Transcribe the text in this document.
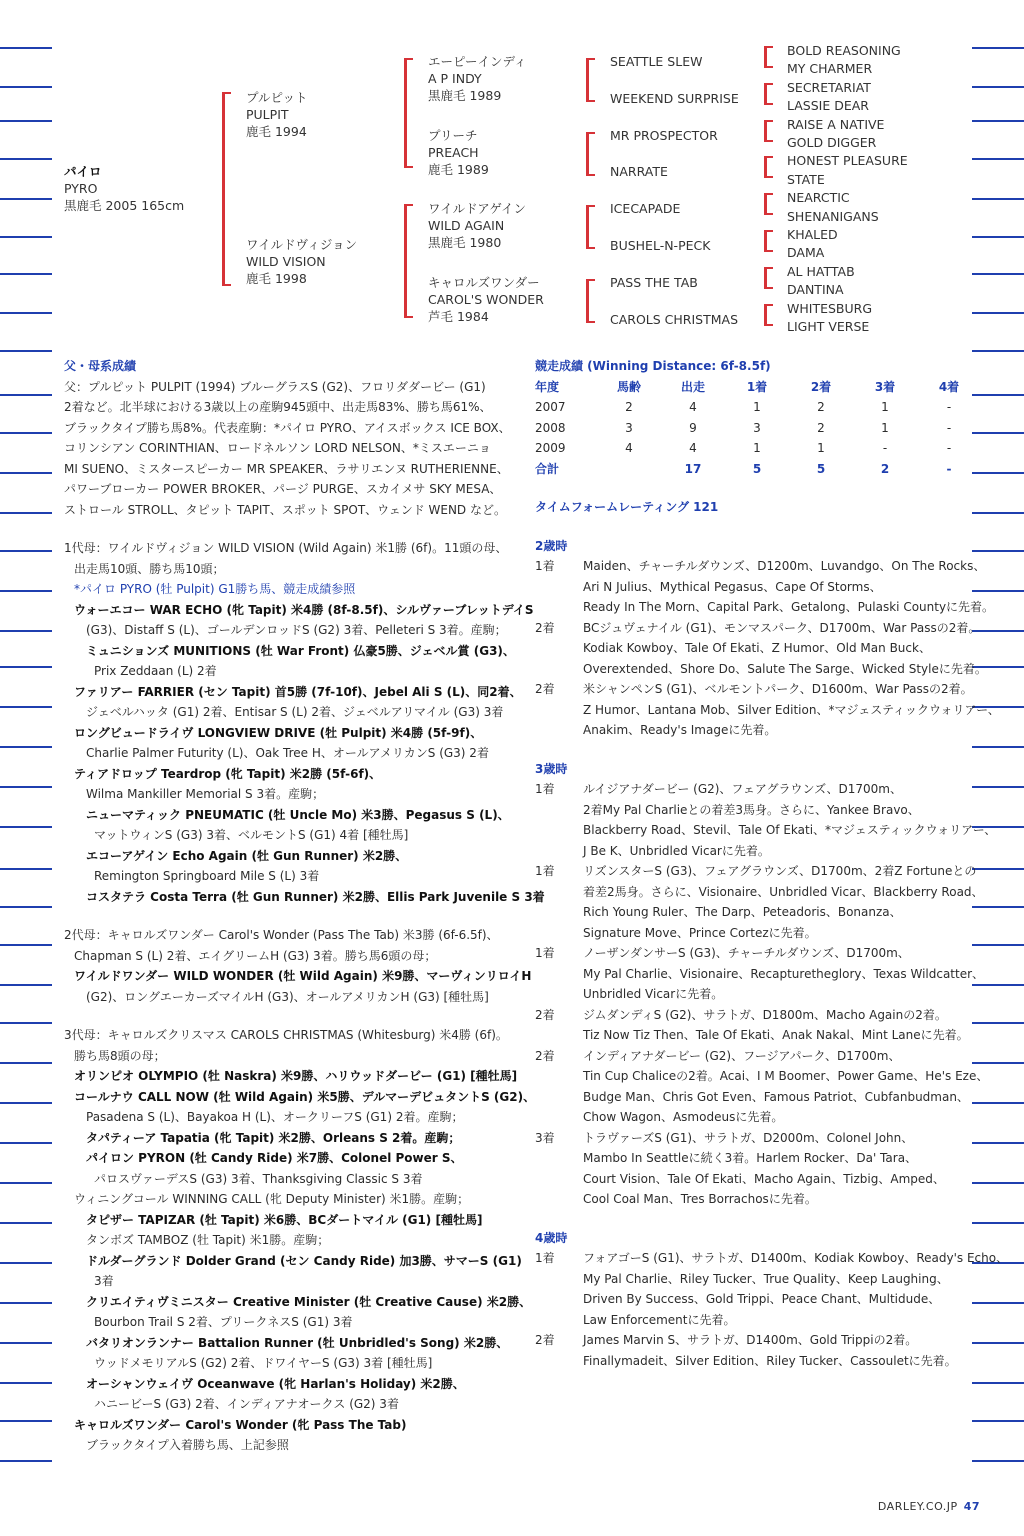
パイロ
PYRO
黒鹿毛 2005 165cm
プルピット
PULPIT
鹿毛 1994
ワイルドヴィジョン
WILD VISION
鹿毛 1998
エーピーインディ
A P INDY
黒鹿毛 1989
プリーチ
PREACH
鹿毛 1989
ワイルドアゲイン
WILD AGAIN
黒鹿毛 1980
キャロルズワンダー
CAROL'S WONDER
芦毛 1984
SEATTLE SLEW
WEEKEND SURPRISE
MR PROSPECTOR
NARRATE
ICECAPADE
BUSHEL-N-PECK
PASS THE TAB
CAROLS CHRISTMAS
BOLD REASONING
MY CHARMER
SECRETARIAT
LASSIE DEAR
RAISE A NATIVE
GOLD DIGGER
HONEST PLEASURE
STATE
NEARCTIC
SHENANIGANS
KHALED
DAMA
AL HATTAB
DANTINA
WHITESBURG
LIGHT VERSE

父・母系成績

父：プルピット PULPIT (1994) ブルーグラスS (G2)、フロリダダービー (G1)

2着など。北半球における3歳以上の産駒945頭中、出走馬83%、勝ち馬61%、

ブラックタイプ勝ち馬8%。代表産駒：*パイロ PYRO、アイスボックス ICE BOX、

コリンシアン CORINTHIAN、ロードネルソン LORD NELSON、*ミスエーニョ

MI SUENO、ミスタースピーカー MR SPEAKER、ラサリエンヌ RUTHERIENNE、

パワーブローカー POWER BROKER、パージ PURGE、スカイメサ SKY MESA、

ストロール STROLL、タピット TAPIT、スポット SPOT、ウェンド WEND など。

1代母：ワイルドヴィジョン WILD VISION (Wild Again) 米1勝 (6f)。11頭の母、

出走馬10頭、勝ち馬10頭；

*パイロ PYRO (牡 Pulpit) G1勝ち馬、競走成績参照

ウォーエコー WAR ECHO (牝 Tapit) 米4勝 (8f-8.5f)、シルヴァーブレットデイS

(G3)、Distaff S (L)、ゴールデンロッドS (G2) 3着、Pelleteri S 3着。産駒；

ミュニションズ MUNITIONS (牡 War Front) 仏豪5勝、ジェベル賞 (G3)、

Prix Zeddaan (L) 2着

ファリアー FARRIER (セン Tapit) 首5勝 (7f-10f)、Jebel Ali S (L)、同2着、

ジェベルハッタ (G1) 2着、Entisar S (L) 2着、ジェベルアリマイル (G3) 3着

ロングビュードライヴ LONGVIEW DRIVE (牡 Pulpit) 米4勝 (5f-9f)、

Charlie Palmer Futurity (L)、Oak Tree H、オールアメリカンS (G3) 2着

ティアドロップ Teardrop (牝 Tapit) 米2勝 (5f-6f)、

Wilma Mankiller Memorial S 3着。産駒；

ニューマティック PNEUMATIC (牡 Uncle Mo) 米3勝、Pegasus S (L)、

マットウィンS (G3) 3着、ベルモントS (G1) 4着 [種牡馬]

エコーアゲイン Echo Again (牡 Gun Runner) 米2勝、

Remington Springboard Mile S (L) 3着

コスタテラ Costa Terra (牡 Gun Runner) 米2勝、Ellis Park Juvenile S 3着

2代母：キャロルズワンダー Carol's Wonder (Pass The Tab) 米3勝 (6f-6.5f)、

Chapman S (L) 2着、エイグリームH (G3) 3着。勝ち馬6頭の母；

ワイルドワンダー WILD WONDER (牡 Wild Again) 米9勝、マーヴィンリロイH

(G2)、ロングエーカーズマイルH (G3)、オールアメリカンH (G3) [種牡馬]

3代母：キャロルズクリスマス CAROLS CHRISTMAS (Whitesburg) 米4勝 (6f)。

勝ち馬8頭の母；

オリンピオ OLYMPIO (牡 Naskra) 米9勝、ハリウッドダービー (G1) [種牡馬]

コールナウ CALL NOW (牡 Wild Again) 米5勝、デルマーデビュタントS (G2)、

Pasadena S (L)、Bayakoa H (L)、オークリーフS (G1) 2着。産駒；

タパティーア Tapatia (牝 Tapit) 米2勝、Orleans S 2着。産駒；

パイロン PYRON (牡 Candy Ride) 米7勝、Colonel Power S、

パロスヴァーデスS (G3) 3着、Thanksgiving Classic S 3着

ウィニングコール WINNING CALL (牝 Deputy Minister) 米1勝。産駒；

タピザー TAPIZAR (牡 Tapit) 米6勝、BCダートマイル (G1) [種牡馬]

タンボズ TAMBOZ (牡 Tapit) 米1勝。産駒；

ドルダーグランド Dolder Grand (セン Candy Ride) 加3勝、サマーS (G1)

3着

クリエイティヴミニスター Creative Minister (牡 Creative Cause) 米2勝、

Bourbon Trail S 2着、プリークネスS (G1) 3着

バタリオンランナー Battalion Runner (牡 Unbridled's Song) 米2勝、

ウッドメモリアルS (G2) 2着、ドワイヤーS (G3) 3着 [種牡馬]

オーシャンウェイヴ Oceanwave (牝 Harlan's Holiday) 米2勝、

ハニービーS (G3) 2着、インディアナオークス (G2) 3着

キャロルズワンダー Carol's Wonder (牝 Pass The Tab)

ブラックタイプ入着勝ち馬、上記参照

競走成績 (Winning Distance: 6f-8.5f)

年度	馬齢	出走	1着	2着	3着	4着
2007	2	4	1	2	1	-
2008	3	9	3	2	1	-
2009	4	4	1	1	-	-
合計		17	5	5	2	-

タイムフォームレーティング 121

2歳時

1着	Maiden、チャーチルダウンズ、D1200m、Luvandgo、On The Rocks、

Ari N Julius、Mythical Pegasus、Cape Of Storms、

Ready In The Morn、Capital Park、Getalong、Pulaski Countyに先着。

2着	BCジュヴェナイル (G1)、モンマスパーク、D1700m、War Passの2着。

Kodiak Kowboy、Tale Of Ekati、Z Humor、Old Man Buck、

Overextended、Shore Do、Salute The Sarge、Wicked Styleに先着。

2着	米シャンペンS (G1)、ベルモントパーク、D1600m、War Passの2着。

Z Humor、Lantana Mob、Silver Edition、*マジェスティックウォリアー、

Anakim、Ready's Imageに先着。

3歳時

1着	ルイジアナダービー (G2)、フェアグラウンズ、D1700m、

2着My Pal Charlieとの着差3馬身。さらに、Yankee Bravo、

Blackberry Road、Stevil、Tale Of Ekati、*マジェスティックウォリアー、

J Be K、Unbridled Vicarに先着。

1着	リズンスターS (G3)、フェアグラウンズ、D1700m、2着Z Fortuneとの

着差2馬身。さらに、Visionaire、Unbridled Vicar、Blackberry Road、

Rich Young Ruler、The Darp、Peteadoris、Bonanza、

Signature Move、Prince Cortezに先着。

1着	ノーザンダンサーS (G3)、チャーチルダウンズ、D1700m、

My Pal Charlie、Visionaire、Recapturetheglory、Texas Wildcatter、

Unbridled Vicarに先着。

2着	ジムダンディS (G2)、サラトガ、D1800m、Macho Againの2着。

Tiz Now Tiz Then、Tale Of Ekati、Anak Nakal、Mint Laneに先着。

2着	インディアナダービー (G2)、フージアパーク、D1700m、

Tin Cup Chaliceの2着。Acai、I M Boomer、Power Game、He's Eze、

Budge Man、Chris Got Even、Famous Patriot、Cubfanbudman、

Chow Wagon、Asmodeusに先着。

3着	トラヴァーズS (G1)、サラトガ、D2000m、Colonel John、

Mambo In Seattleに続く3着。Harlem Rocker、Da' Tara、

Court Vision、Tale Of Ekati、Macho Again、Tizbig、Amped、

Cool Coal Man、Tres Borrachosに先着。

4歳時

1着	フォアゴーS (G1)、サラトガ、D1400m、Kodiak Kowboy、Ready's Echo、

My Pal Charlie、Riley Tucker、True Quality、Keep Laughing、

Driven By Success、Gold Trippi、Peace Chant、Multidude、

Law Enforcementに先着。

2着	James Marvin S、サラトガ、D1400m、Gold Trippiの2着。

Finallymadeit、Silver Edition、Riley Tucker、Cassouletに先着。

DARLEY.CO.JP 47
